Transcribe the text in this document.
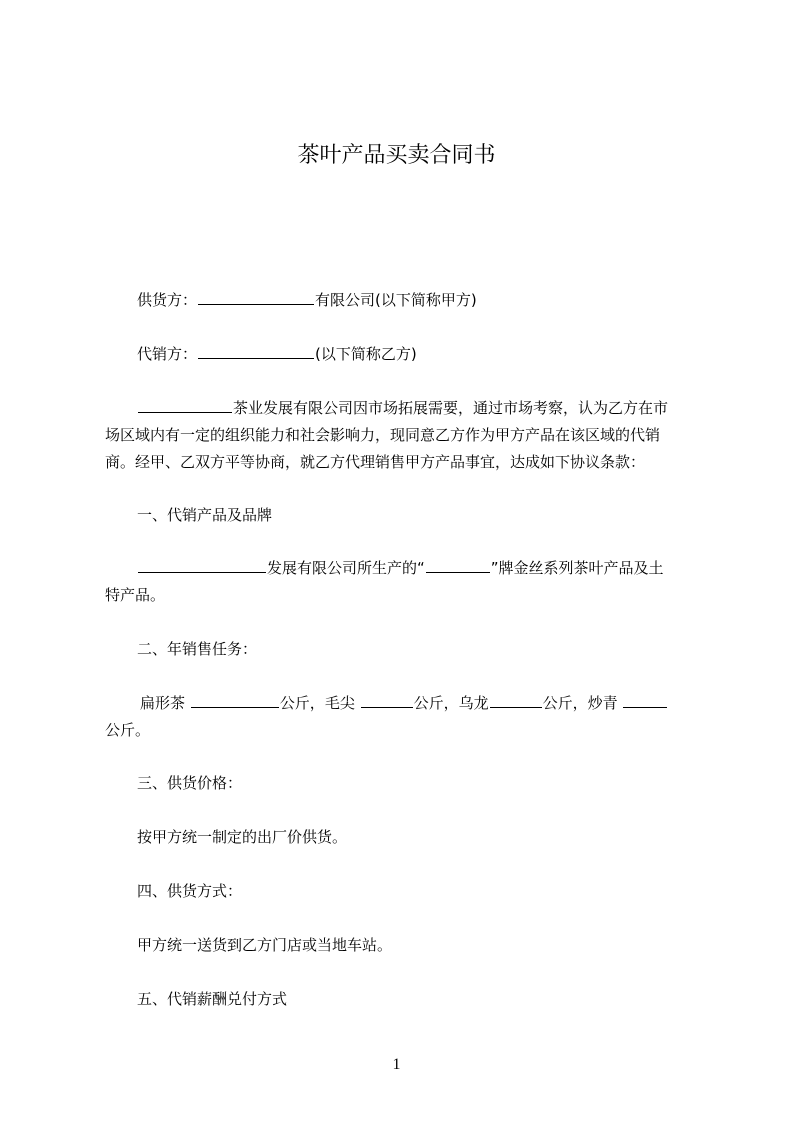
茶叶产品买卖合同书
供货方：	有限公司(以下简称甲方)
代销方：	(以下简称乙方)
茶业发展有限公司因市场拓展需要，通过市场考察，认为乙方在市
场区域内有一定的组织能力和社会影响力，现同意乙方作为甲方产品在该区域的代销
商。经甲、乙双方平等协商，就乙方代理销售甲方产品事宜，达成如下协议条款：
一、代销产品及品牌
发展有限公司所生产的“	”牌金丝系列茶叶产品及土
特产品。
二、年销售任务：
扁形茶	公斤，毛尖	公斤，乌龙	公斤，炒青
公斤。
三、供货价格：
按甲方统一制定的出厂价供货。
四、供货方式：
甲方统一送货到乙方门店或当地车站。
五、代销薪酬兑付方式
1
